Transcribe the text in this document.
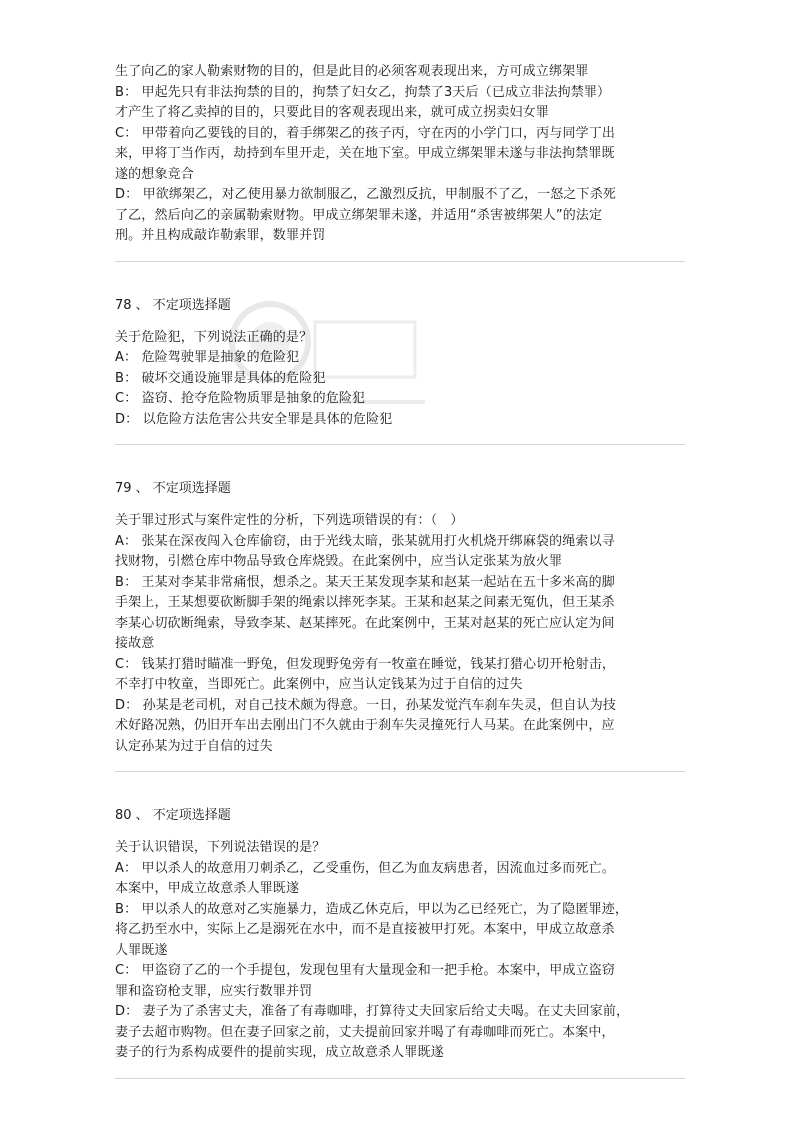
生了向乙的家人勒索财物的目的，但是此目的必须客观表现出来，方可成立绑架罪
B： 甲起先只有非法拘禁的目的，拘禁了妇女乙，拘禁了3天后（已成立非法拘禁罪）
才产生了将乙卖掉的目的，只要此目的客观表现出来，就可成立拐卖妇女罪
C： 甲带着向乙要钱的目的，着手绑架乙的孩子丙，守在丙的小学门口，丙与同学丁出
来，甲将丁当作丙，劫持到车里开走，关在地下室。甲成立绑架罪未遂与非法拘禁罪既
遂的想象竞合
D： 甲欲绑架乙，对乙使用暴力欲制服乙，乙激烈反抗，甲制服不了乙，一怒之下杀死
了乙，然后向乙的亲属勒索财物。甲成立绑架罪未遂，并适用“杀害被绑架人”的法定
刑。并且构成敲诈勒索罪，数罪并罚
78 、 不定项选择题
关于危险犯，下列说法正确的是？
A： 危险驾驶罪是抽象的危险犯
B： 破坏交通设施罪是具体的危险犯
C： 盗窃、抢夺危险物质罪是抽象的危险犯
D： 以危险方法危害公共安全罪是具体的危险犯
79 、 不定项选择题
关于罪过形式与案件定性的分析，下列选项错误的有：（　）
A： 张某在深夜闯入仓库偷窃，由于光线太暗，张某就用打火机烧开绑麻袋的绳索以寻
找财物，引燃仓库中物品导致仓库烧毁。在此案例中，应当认定张某为放火罪
B： 王某对李某非常痛恨，想杀之。某天王某发现李某和赵某一起站在五十多米高的脚
手架上，王某想要砍断脚手架的绳索以摔死李某。王某和赵某之间素无冤仇，但王某杀
李某心切砍断绳索，导致李某、赵某摔死。在此案例中，王某对赵某的死亡应认定为间
接故意
C： 钱某打猎时瞄准一野兔，但发现野兔旁有一牧童在睡觉，钱某打猎心切开枪射击，
不幸打中牧童，当即死亡。此案例中，应当认定钱某为过于自信的过失
D： 孙某是老司机，对自己技术颇为得意。一日，孙某发觉汽车刹车失灵，但自认为技
术好路况熟，仍旧开车出去刚出门不久就由于刹车失灵撞死行人马某。在此案例中，应
认定孙某为过于自信的过失
80 、 不定项选择题
关于认识错误，下列说法错误的是？
A： 甲以杀人的故意用刀刺杀乙，乙受重伤，但乙为血友病患者，因流血过多而死亡。
本案中，甲成立故意杀人罪既遂
B： 甲以杀人的故意对乙实施暴力，造成乙休克后，甲以为乙已经死亡，为了隐匿罪迹，
将乙扔至水中，实际上乙是溺死在水中，而不是直接被甲打死。本案中，甲成立故意杀
人罪既遂
C： 甲盗窃了乙的一个手提包，发现包里有大量现金和一把手枪。本案中，甲成立盗窃
罪和盗窃枪支罪，应实行数罪并罚
D： 妻子为了杀害丈夫，准备了有毒咖啡，打算待丈夫回家后给丈夫喝。在丈夫回家前，
妻子去超市购物。但在妻子回家之前，丈夫提前回家并喝了有毒咖啡而死亡。本案中，
妻子的行为系构成要件的提前实现，成立故意杀人罪既遂
